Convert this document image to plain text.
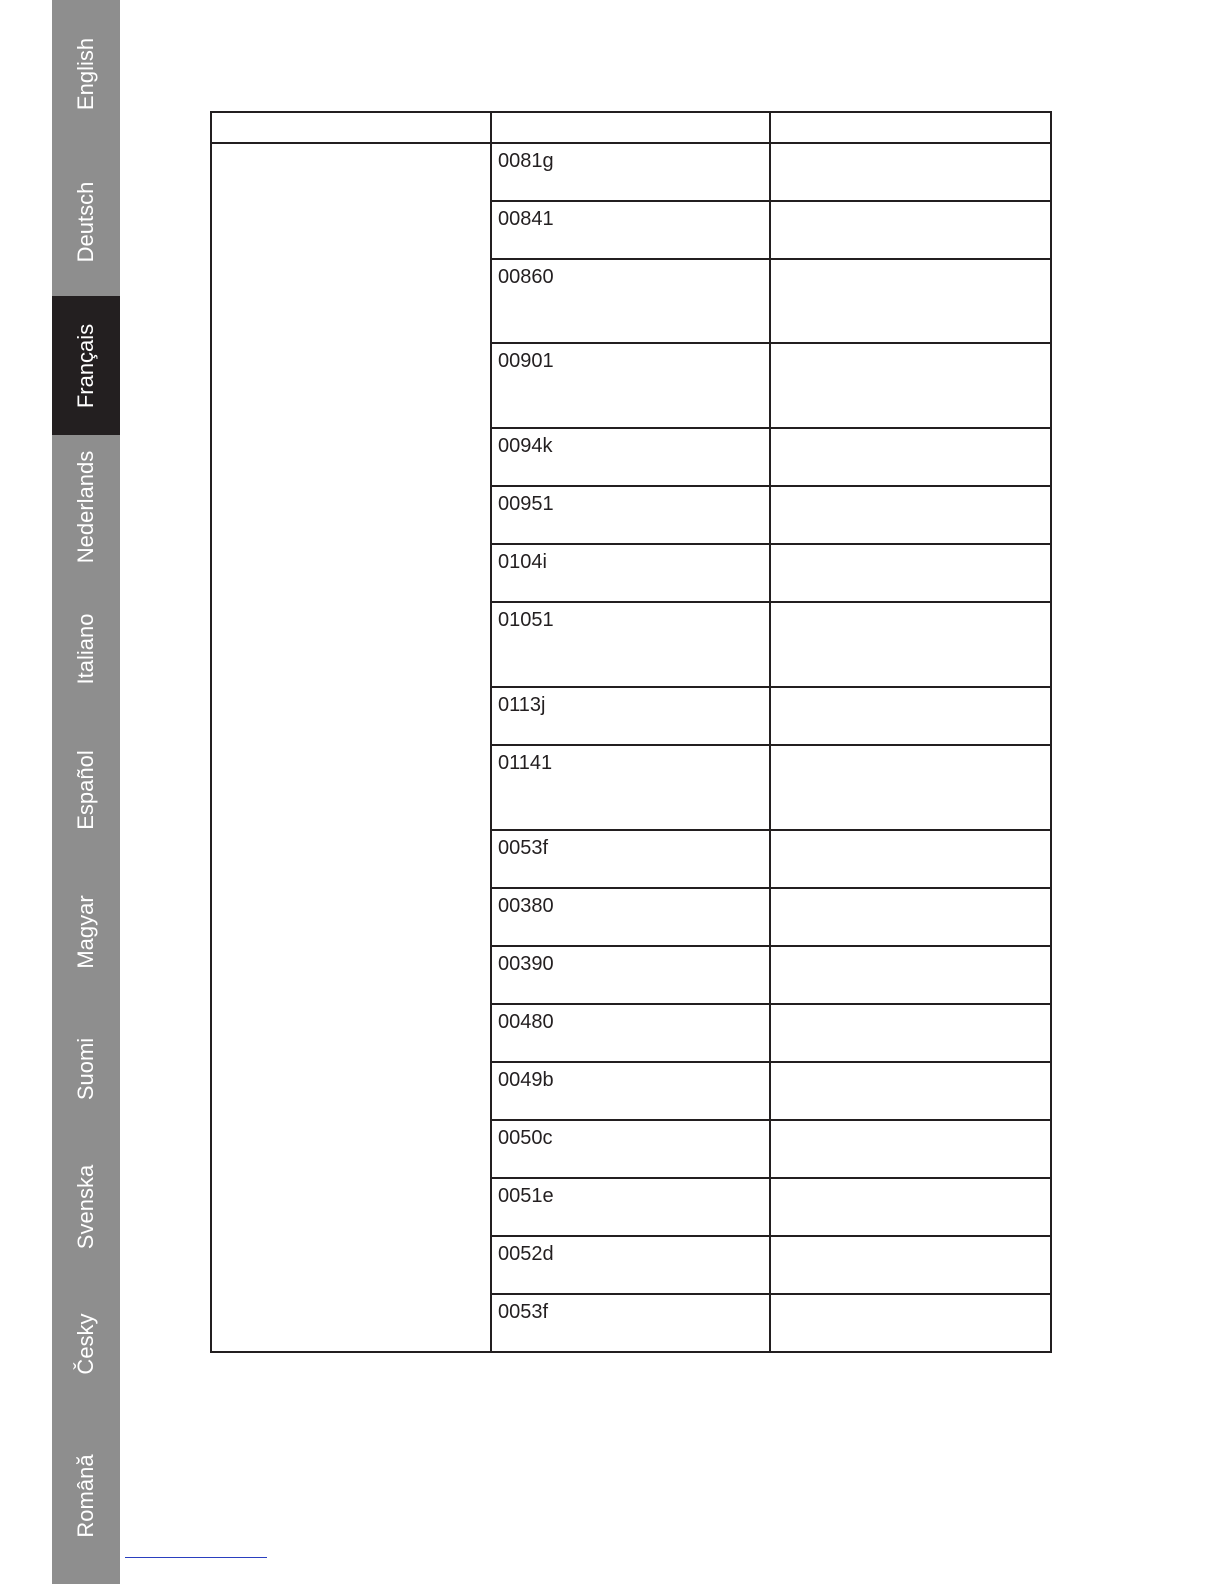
English
Deutsch
Français
Nederlands
Italiano
Español
Magyar
Suomi
Svenska
Česky
Română

	0081g	
	00841	
	00860	
	00901	
	0094k	
	00951	
	0104i	
	01051	
	0113j	
	01141	
	0053f	
	00380	
	00390	
	00480	
	0049b	
	0050c	
	0051e	
	0052d	
	0053f	
